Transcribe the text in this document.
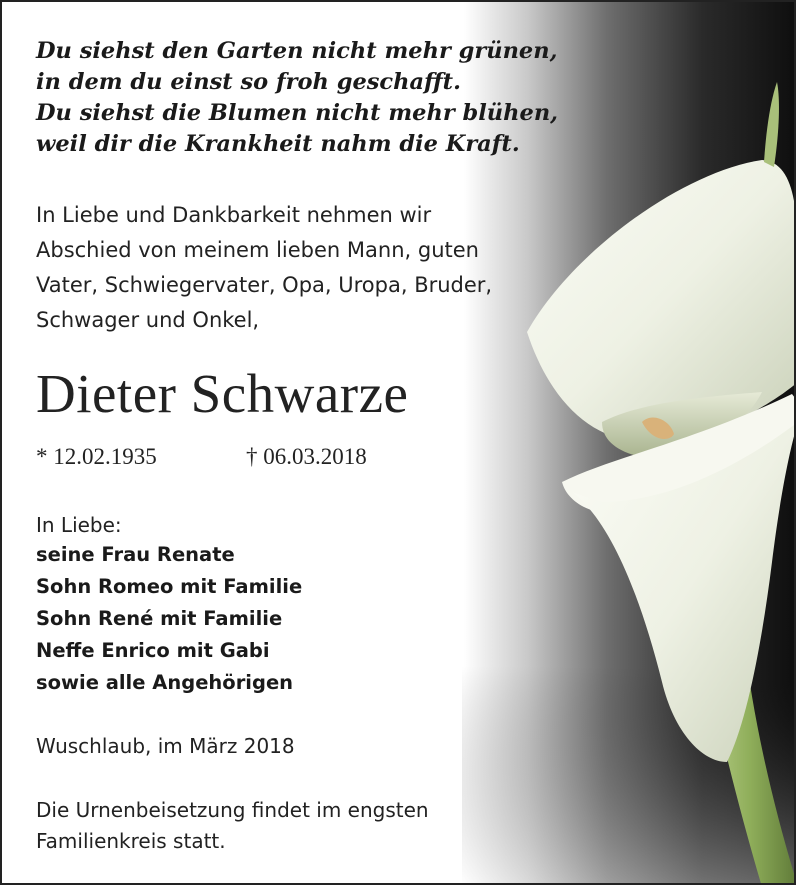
Du siehst den Garten nicht mehr grünen,
in dem du einst so froh geschafft.
Du siehst die Blumen nicht mehr blühen,
weil dir die Krankheit nahm die Kraft.
In Liebe und Dankbarkeit nehmen wir
Abschied von meinem lieben Mann, guten
Vater, Schwiegervater, Opa, Uropa, Bruder,
Schwager und Onkel,
Dieter Schwarze
* 12.02.1935	† 06.03.2018
In Liebe:
seine Frau Renate
Sohn Romeo mit Familie
Sohn René mit Familie
Neffe Enrico mit Gabi
sowie alle Angehörigen
Wuschlaub, im März 2018
Die Urnenbeisetzung findet im engsten
Familienkreis statt.
